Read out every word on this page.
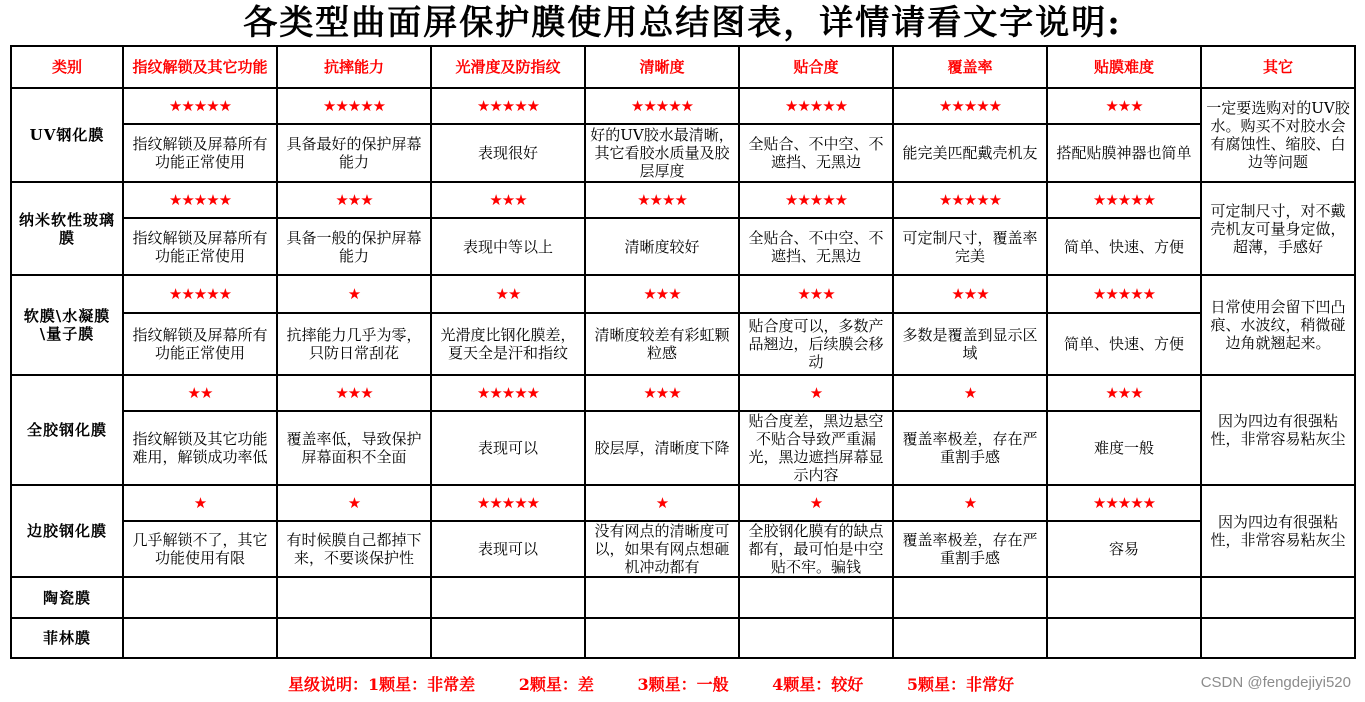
各类型曲面屏保护膜使用总结图表，详情请看文字说明:
类别	指纹解锁及其它功能	抗摔能力	光滑度及防指纹	清晰度	贴合度	覆盖率	贴膜难度	其它
UV钢化膜	★★★★★	★★★★★	★★★★★	★★★★★	★★★★★	★★★★★	★★★	一定要选购对的UV胶水。购买不对胶水会有腐蚀性、缩胶、白边等问题
	指纹解锁及屏幕所有功能正常使用	具备最好的保护屏幕能力	表现很好	好的UV胶水最清晰，其它看胶水质量及胶层厚度	全贴合、不中空、不遮挡、无黑边	能完美匹配戴壳机友	搭配贴膜神器也简单	
纳米软性玻璃膜	★★★★★	★★★	★★★	★★★★	★★★★★	★★★★★	★★★★★	可定制尺寸，对不戴壳机友可量身定做，超薄，手感好
	指纹解锁及屏幕所有功能正常使用	具备一般的保护屏幕能力	表现中等以上	清晰度较好	全贴合、不中空、不遮挡、无黑边	可定制尺寸，覆盖率完美	简单、快速、方便	
软膜\水凝膜\量子膜	★★★★★	★	★★	★★★	★★★	★★★	★★★★★	日常使用会留下凹凸痕、水波纹，稍微碰边角就翘起来。
	指纹解锁及屏幕所有功能正常使用	抗摔能力几乎为零，只防日常刮花	光滑度比钢化膜差，夏天全是汗和指纹	清晰度较差有彩虹颗粒感	贴合度可以，多数产品翘边，后续膜会移动	多数是覆盖到显示区域	简单、快速、方便	
全胶钢化膜	★★	★★★	★★★★★	★★★	★	★	★★★	因为四边有很强粘性，非常容易粘灰尘
	指纹解锁及其它功能难用，解锁成功率低	覆盖率低，导致保护屏幕面积不全面	表现可以	胶层厚，清晰度下降	贴合度差，黑边悬空不贴合导致严重漏光，黑边遮挡屏幕显示内容	覆盖率极差，存在严重割手感	难度一般	
边胶钢化膜	★	★	★★★★★	★	★	★	★★★★★	因为四边有很强粘性，非常容易粘灰尘
	几乎解锁不了，其它功能使用有限	有时候膜自己都掉下来，不要谈保护性	表现可以	没有网点的清晰度可以，如果有网点想砸机冲动都有	全胶钢化膜有的缺点都有，最可怕是中空贴不牢。骗钱	覆盖率极差，存在严重割手感	容易	
陶瓷膜								
菲林膜								
星级说明：1颗星：非常差	2颗星：差	3颗星：一般	4颗星：较好	5颗星：非常好	CSDN @fengdejiyi520
